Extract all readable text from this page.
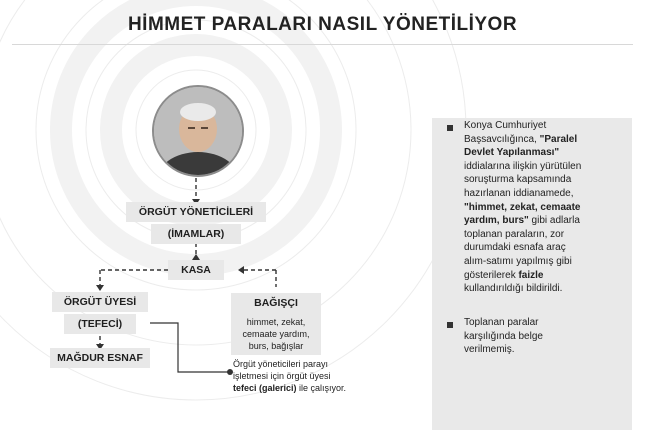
HİMMET PARALARI NASIL YÖNETİLİYOR
ÖRGÜT YÖNETİCİLERİ
(İMAMLAR)
KASA
ÖRGÜT ÜYESİ
(TEFECİ)
MAĞDUR ESNAF
BAĞIŞÇI
himmet, zekat,
cemaate yardım,
burs, bağışlar
Örgüt yöneticileri parayı
işletmesi için örgüt üyesi
tefeci (galerici) ile çalışıyor.
Konya Cumhuriyet
Başsavcılığınca, "Paralel
Devlet Yapılanması"
iddialarına ilişkin yürütülen
soruşturma kapsamında
hazırlanan iddianamede,
"himmet, zekat, cemaate
yardım, burs" gibi adlarla
toplanan paraların, zor
durumdaki esnafa araç
alım-satımı yapılmış gibi
gösterilerek faizle
kullandırıldığı bildirildi.
Toplanan paralar
karşılığında belge
verilmemiş.
